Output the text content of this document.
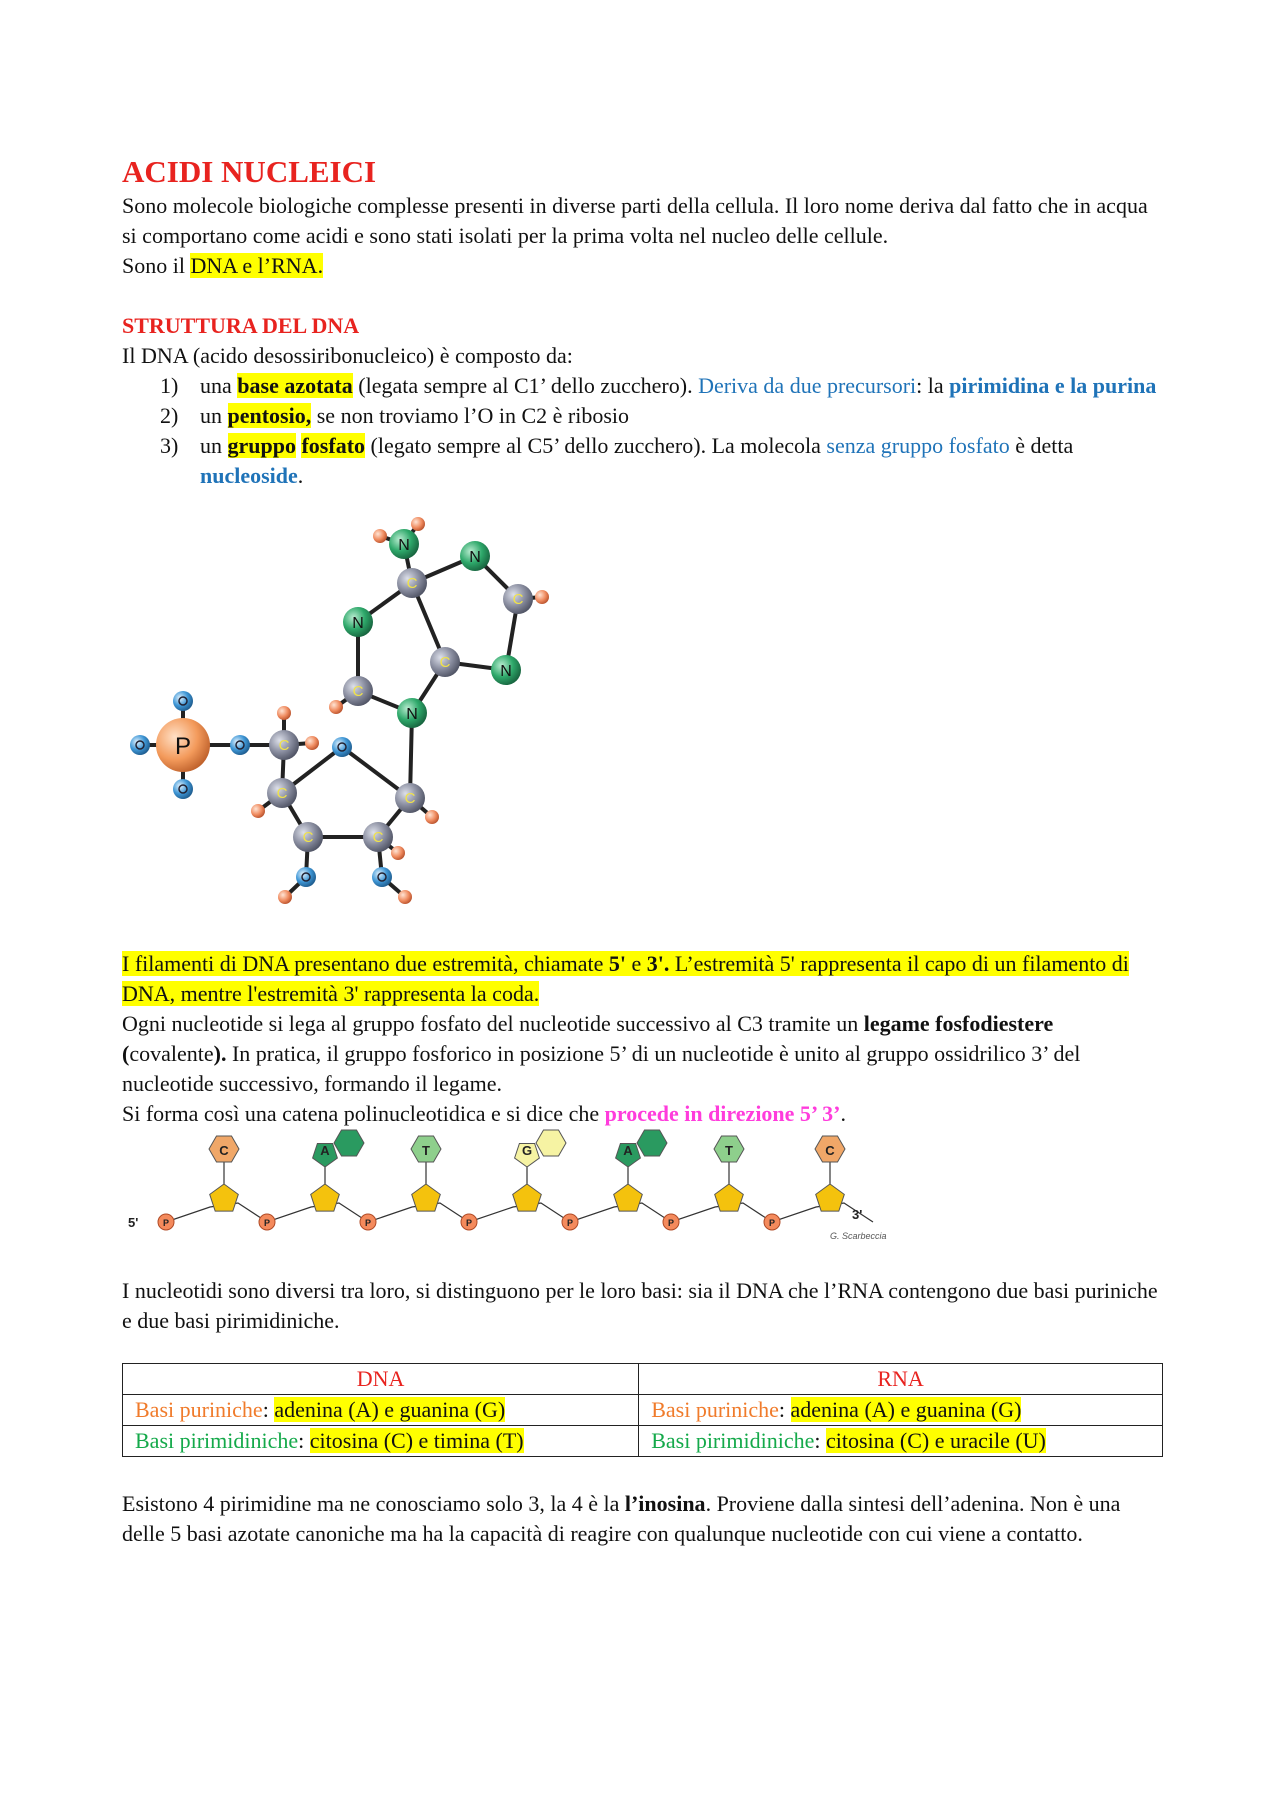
ACIDI NUCLEICI

Sono molecole biologiche complesse presenti in diverse parti della cellula. Il loro nome deriva dal fatto che in acqua si comportano come acidi e sono stati isolati per la prima volta nel nucleo delle cellule.

Sono il DNA e l’RNA.

STRUTTURA DEL DNA

Il DNA (acido desossiribonucleico) è composto da:

1) una base azotata (legata sempre al C1’ dello zucchero). Deriva da due precursori: la pirimidina e la purina
2) un pentosio, se non troviamo l’O in C2 è ribosio
3) un gruppo fosfato (legato sempre al C5’ dello zucchero). La molecola senza gruppo fosfato è detta nucleoside.
P	C
C
C	C
C
C
C
C
C
N
N
N
N
N

I filamenti di DNA presentano due estremità, chiamate 5' e 3'. L’estremità 5' rappresenta il capo di un filamento di DNA, mentre l'estremità 3' rappresenta la coda.

Ogni nucleotide si lega al gruppo fosfato del nucleotide successivo al C3 tramite un legame fosfodiestere (covalente). In pratica, il gruppo fosforico in posizione 5’ di un nucleotide è unito al gruppo ossidrilico 3’ del nucleotide successivo, formando il legame.

Si forma così una catena polinucleotidica e si dice che procede in direzione 5’ 3’.

C
P
A
P
T
P
G
P
A
P
T
P
C
P
5'
3'
G. Scarbeccia

I nucleotidi sono diversi tra loro, si distinguono per le loro basi: sia il DNA che l’RNA contengono due basi puriniche e due basi pirimidiniche.

DNA	RNA
Basi puriniche: adenina (A) e guanina (G)	Basi puriniche: adenina (A) e guanina (G)
Basi pirimidiniche: citosina (C) e timina (T)	Basi pirimidiniche: citosina (C) e uracile (U)

Esistono 4 pirimidine ma ne conosciamo solo 3, la 4 è la l’inosina. Proviene dalla sintesi dell’adenina. Non è una delle 5 basi azotate canoniche ma ha la capacità di reagire con qualunque nucleotide con cui viene a contatto.
